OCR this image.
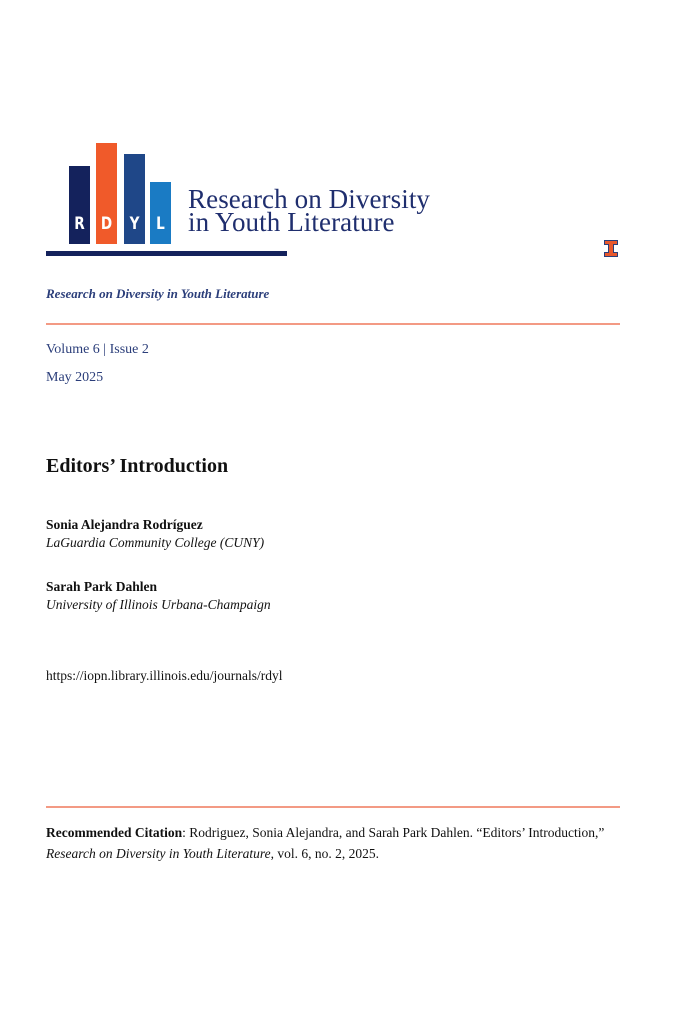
R D Y L
Research on Diversity
in Youth Literature
Research on Diversity in Youth Literature
Volume 6 | Issue 2
May 2025
Editors’ Introduction
Sonia Alejandra Rodríguez
LaGuardia Community College (CUNY)
Sarah Park Dahlen
University of Illinois Urbana-Champaign
https://iopn.library.illinois.edu/journals/rdyl
Recommended Citation: Rodriguez, Sonia Alejandra, and Sarah Park Dahlen. “Editors’ Introduction,” Research on Diversity in Youth Literature, vol. 6, no. 2, 2025.
